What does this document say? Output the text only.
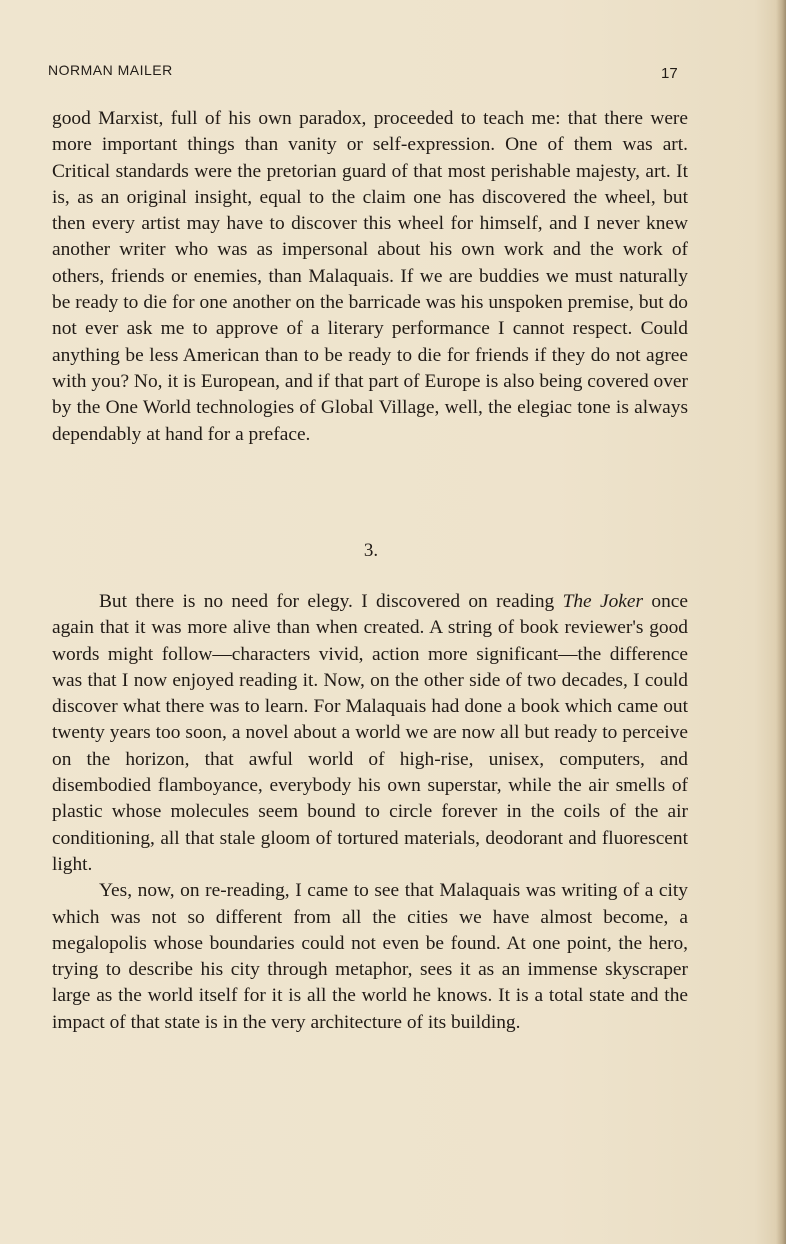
NORMAN MAILER	17

good Marxist, full of his own paradox, proceeded to teach me: that there were more important things than vanity or self-expression. One of them was art. Critical standards were the pretorian guard of that most perishable majesty, art. It is, as an original insight, equal to the claim one has discovered the wheel, but then every artist may have to discover this wheel for himself, and I never knew another writer who was as impersonal about his own work and the work of others, friends or enemies, than Malaquais. If we are buddies we must naturally be ready to die for one another on the barricade was his unspoken premise, but do not ever ask me to approve of a literary performance I cannot respect. Could anything be less American than to be ready to die for friends if they do not agree with you? No, it is European, and if that part of Europe is also being covered over by the One World technologies of Global Village, well, the elegiac tone is always dependably at hand for a preface.

3.

But there is no need for elegy. I discovered on reading The Joker once again that it was more alive than when created. A string of book reviewer's good words might follow—characters vivid, action more significant—the difference was that I now enjoyed reading it. Now, on the other side of two decades, I could discover what there was to learn. For Malaquais had done a book which came out twenty years too soon, a novel about a world we are now all but ready to perceive on the horizon, that awful world of high-rise, unisex, computers, and disembodied flamboyance, everybody his own superstar, while the air smells of plastic whose molecules seem bound to circle forever in the coils of the air conditioning, all that stale gloom of tortured materials, deodorant and fluorescent light.

Yes, now, on re-reading, I came to see that Malaquais was writing of a city which was not so different from all the cities we have almost become, a megalopolis whose boundaries could not even be found. At one point, the hero, trying to describe his city through metaphor, sees it as an immense skyscraper large as the world itself for it is all the world he knows. It is a total state and the impact of that state is in the very architecture of its building.
